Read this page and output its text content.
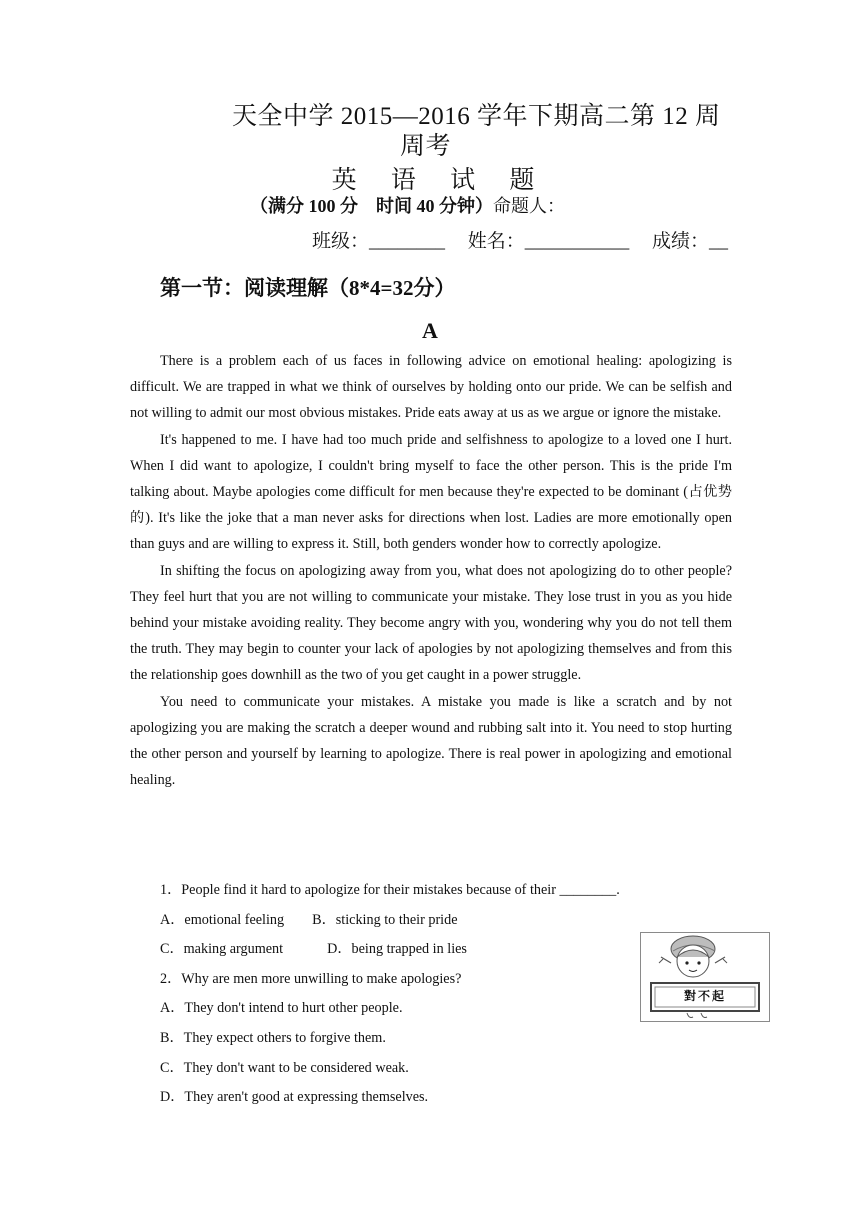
天全中学 2015—2016 学年下期高二第 12 周
周考
英 语 试 题
（满分 100 分　时间 40 分钟）命题人：
班级：________ 姓名：___________ 成绩：__
第一节：阅读理解（8*4=32分）
A

There is a problem each of us faces in following advice on emotional healing: apologizing is difficult. We are trapped in what we think of ourselves by holding onto our pride. We can be selfish and not willing to admit our most obvious mistakes. Pride eats away at us as we argue or ignore the mistake.

It's happened to me. I have had too much pride and selfishness to apologize to a loved one I hurt. When I did want to apologize, I couldn't bring myself to face the other person. This is the pride I'm talking about. Maybe apologies come difficult for men because they're expected to be dominant (占优势的). It's like the joke that a man never asks for directions when lost. Ladies are more emotionally open than guys and are willing to express it. Still, both genders wonder how to correctly apologize.

In shifting the focus on apologizing away from you, what does not apologizing do to other people? They feel hurt that you are not willing to communicate your mistake. They lose trust in you as you hide behind your mistake avoiding reality. They become angry with you, wondering why you do not tell them the truth. They may begin to counter your lack of apologies by not apologizing themselves and from this the relationship goes downhill as the two of you get caught in a power struggle.

You need to communicate your mistakes. A mistake you made is like a scratch and by not apologizing you are making the scratch a deeper wound and rubbing salt into it. You need to stop hurting the other person and yourself by learning to apologize. There is real power in apologizing and emotional healing.

1．People find it hard to apologize for their mistakes because of their ________.
A．emotional feeling B．sticking to their pride
C．making argument	D．being trapped in lies
2．Why are men more unwilling to make apologies?
A．They don't intend to hurt other people.
B．They expect others to forgive them.
C．They don't want to be considered weak.
D．They aren't good at expressing themselves.
對不起
